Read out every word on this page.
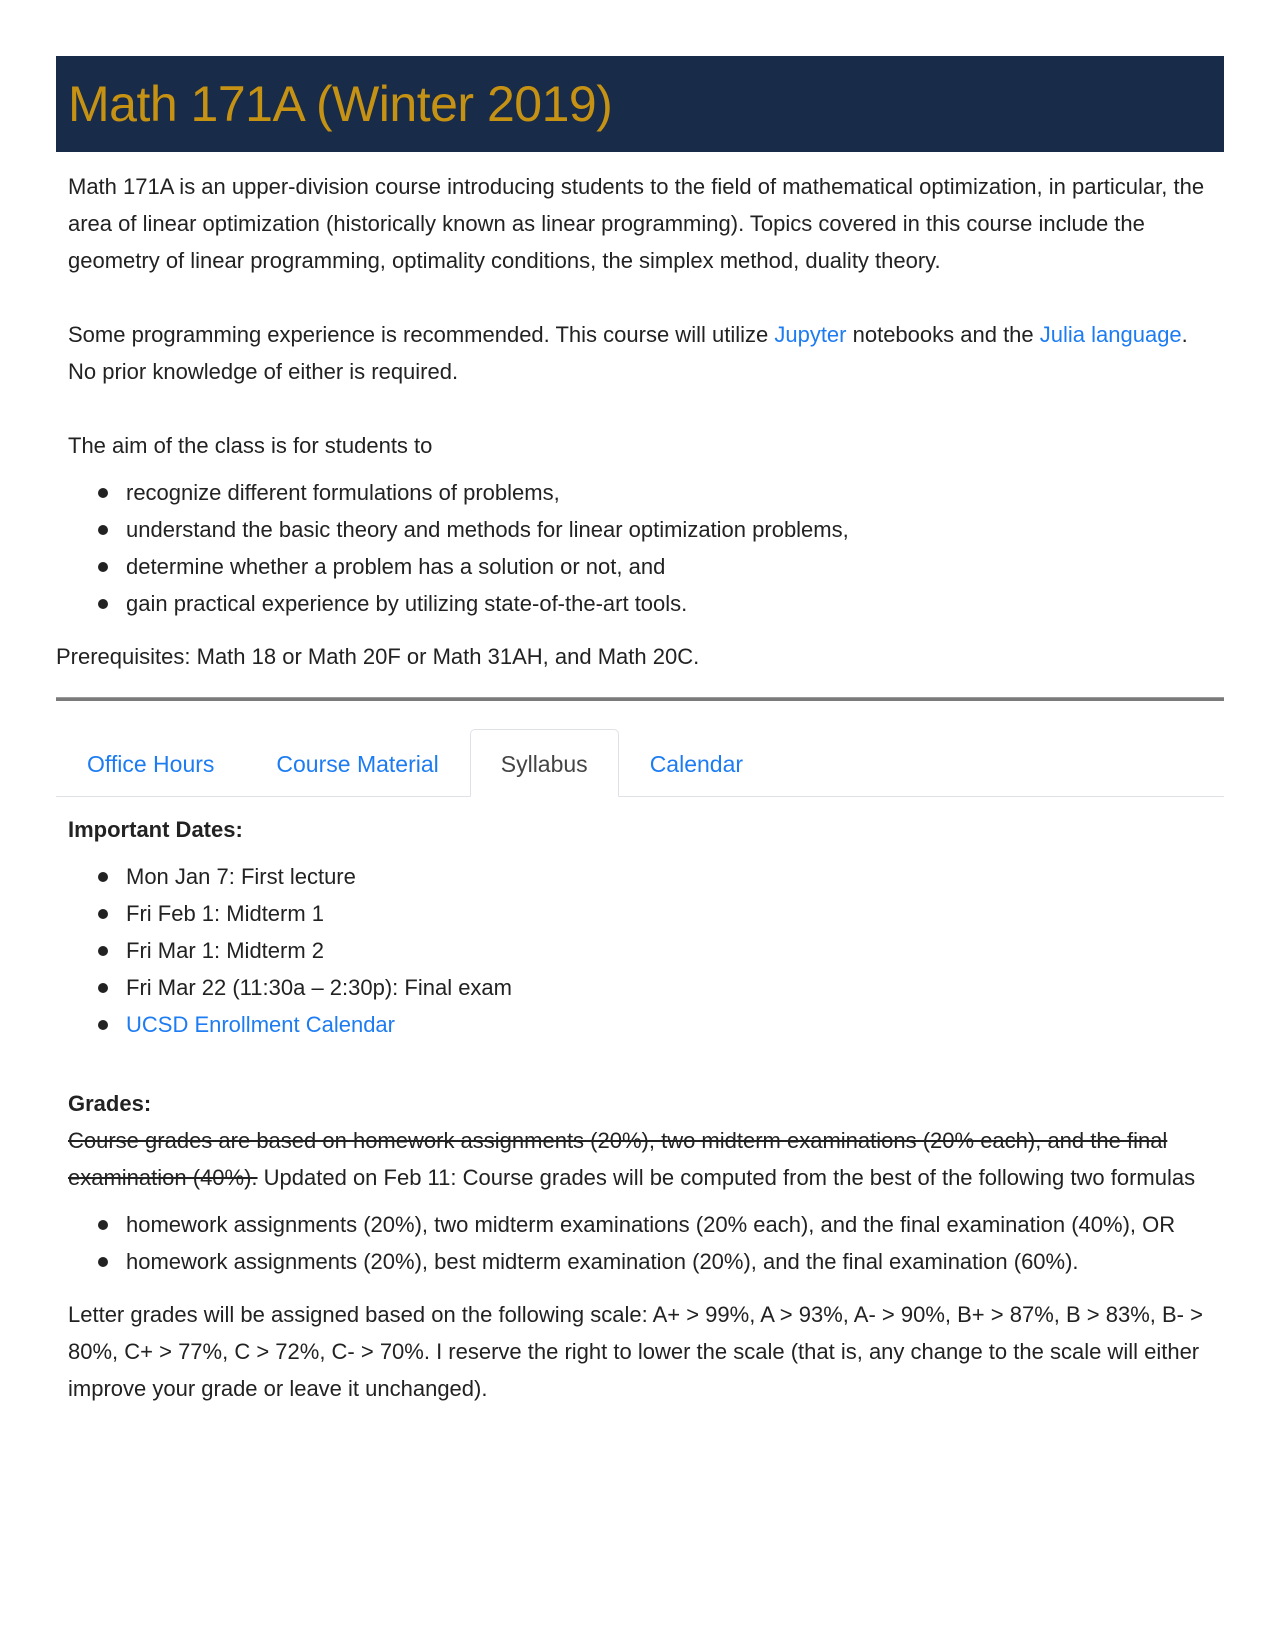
Math 171A (Winter 2019)

Math 171A is an upper-division course introducing students to the field of mathematical optimization, in particular, the area of linear optimization (historically known as linear programming). Topics covered in this course include the geometry of linear programming, optimality conditions, the simplex method, duality theory.

Some programming experience is recommended. This course will utilize Jupyter notebooks and the Julia language. No prior knowledge of either is required.

The aim of the class is for students to

recognize different formulations of problems,
understand the basic theory and methods for linear optimization problems,
determine whether a problem has a solution or not, and
gain practical experience by utilizing state-of-the-art tools.

Prerequisites: Math 18 or Math 20F or Math 31AH, and Math 20C.

Office Hours	Course Material	Syllabus	Calendar
Important Dates:
Mon Jan 7: First lecture
Fri Feb 1: Midterm 1
Fri Mar 1: Midterm 2
Fri Mar 22 (11:30a – 2:30p): Final exam
UCSD Enrollment Calendar
Grades:

Course grades are based on homework assignments (20%), two midterm examinations (20% each), and the final examination (40%). Updated on Feb 11: Course grades will be computed from the best of the following two formulas

homework assignments (20%), two midterm examinations (20% each), and the final examination (40%), OR
homework assignments (20%), best midterm examination (20%), and the final examination (60%).

Letter grades will be assigned based on the following scale: A+ > 99%, A > 93%, A- > 90%, B+ > 87%, B > 83%, B- > 80%, C+ > 77%, C > 72%, C- > 70%. I reserve the right to lower the scale (that is, any change to the scale will either improve your grade or leave it unchanged).
